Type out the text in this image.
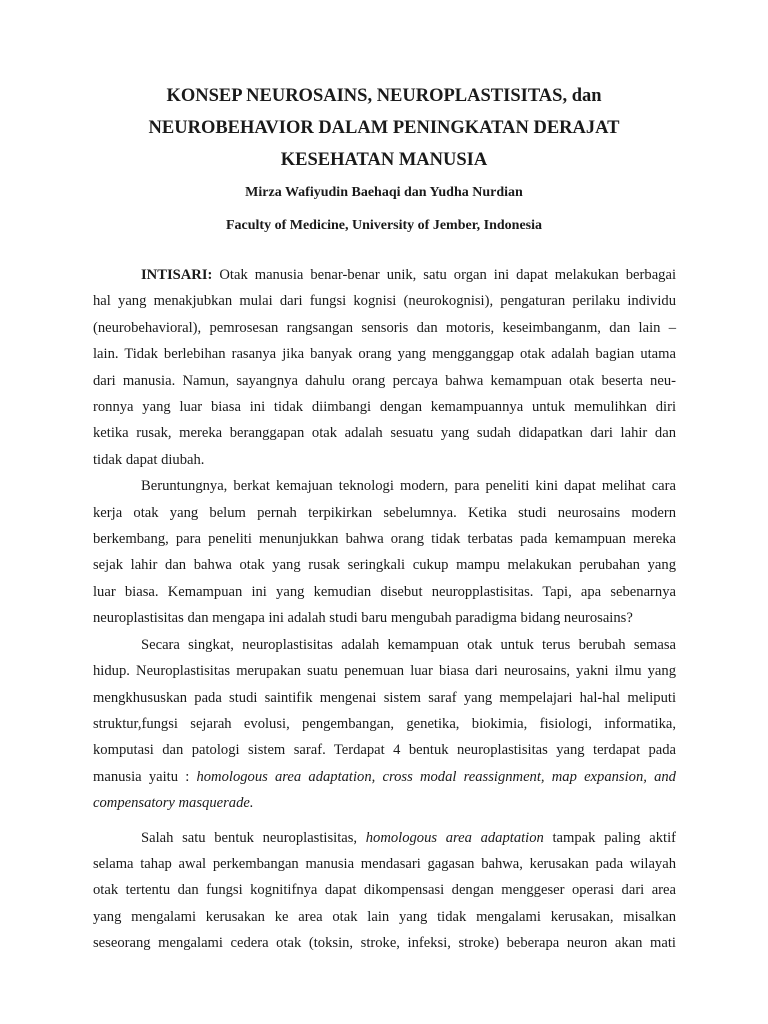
KONSEP NEUROSAINS, NEUROPLASTISITAS, dan
NEUROBEHAVIOR DALAM PENINGKATAN DERAJAT
KESEHATAN MANUSIA
Mirza Wafiyudin Baehaqi dan Yudha Nurdian
Faculty of Medicine, University of Jember, Indonesia
INTISARI: Otak manusia benar-benar unik, satu organ ini dapat melakukan berbagai
hal yang menakjubkan mulai dari fungsi kognisi (neurokognisi), pengaturan perilaku individu
(neurobehavioral), pemrosesan rangsangan sensoris dan motoris, keseimbanganm, dan lain –
lain. Tidak berlebihan rasanya jika banyak orang yang mengganggap otak adalah bagian utama
dari manusia. Namun, sayangnya dahulu orang percaya bahwa kemampuan otak beserta neu-
ronnya yang luar biasa ini tidak diimbangi dengan kemampuannya untuk memulihkan diri
ketika rusak, mereka beranggapan otak adalah sesuatu yang sudah didapatkan dari lahir dan
tidak dapat diubah.
Beruntungnya, berkat kemajuan teknologi modern, para peneliti kini dapat melihat cara
kerja otak yang belum pernah terpikirkan sebelumnya. Ketika studi neurosains modern
berkembang, para peneliti menunjukkan bahwa orang tidak terbatas pada kemampuan mereka
sejak lahir dan bahwa otak yang rusak seringkali cukup mampu melakukan perubahan yang
luar biasa. Kemampuan ini yang kemudian disebut neuropplastisitas. Tapi, apa sebenarnya
neuroplastisitas dan mengapa ini adalah studi baru mengubah paradigma bidang neurosains?
Secara singkat, neuroplastisitas adalah kemampuan otak untuk terus berubah semasa
hidup. Neuroplastisitas merupakan suatu penemuan luar biasa dari neurosains, yakni ilmu yang
mengkhususkan pada studi saintifik mengenai sistem saraf yang mempelajari hal-hal meliputi
struktur,fungsi sejarah evolusi, pengembangan, genetika, biokimia, fisiologi, informatika,
komputasi dan patologi sistem saraf. Terdapat 4 bentuk neuroplastisitas yang terdapat pada
manusia yaitu : homologous area adaptation, cross modal reassignment, map expansion, and
compensatory masquerade.
Salah satu bentuk neuroplastisitas, homologous area adaptation tampak paling aktif
selama tahap awal perkembangan manusia mendasari gagasan bahwa, kerusakan pada wilayah
otak tertentu dan fungsi kognitifnya dapat dikompensasi dengan menggeser operasi dari area
yang mengalami kerusakan ke area otak lain yang tidak mengalami kerusakan, misalkan
seseorang mengalami cedera otak (toksin, stroke, infeksi, stroke) beberapa neuron akan mati
